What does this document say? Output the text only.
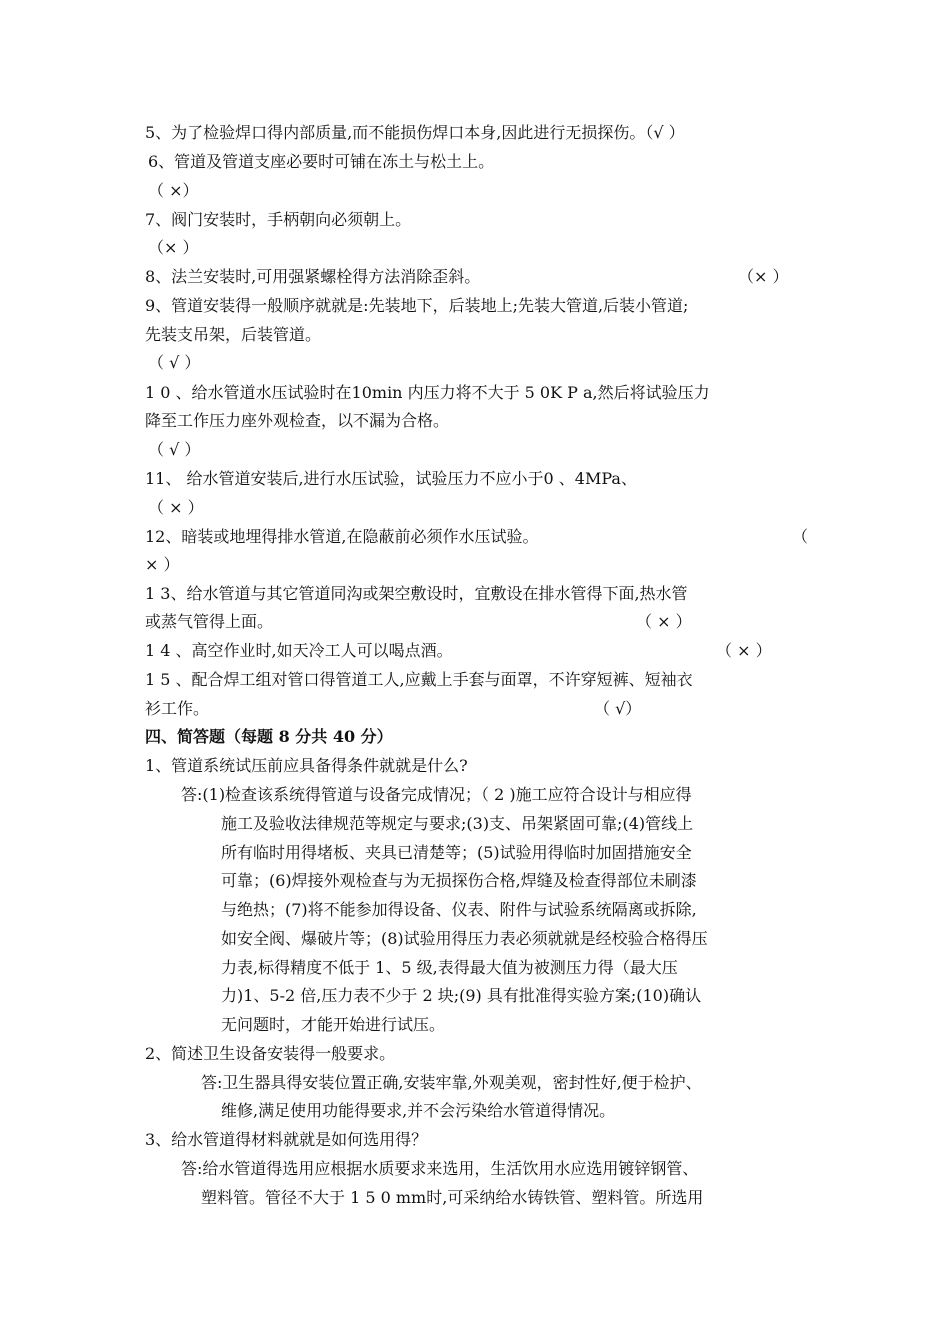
5、为了检验焊口得内部质量,而不能损伤焊口本身,因此进行无损探伤。（√ ）
6、管道及管道支座必要时可铺在冻土与松土上。
（ ×）
7、阀门安装时，手柄朝向必须朝上。
（× ）
8、法兰安装时,可用强紧螺栓得方法消除歪斜。	（× ）
9、管道安装得一般顺序就就是:先装地下，后装地上;先装大管道,后装小管道;
先装支吊架，后装管道。
（ √ ）
1 0 、给水管道水压试验时在10min 内压力将不大于 5 0K P a,然后将试验压力
降至工作压力座外观检查，以不漏为合格。
（ √ ）
11、 给水管道安装后,进行水压试验，试验压力不应小于0 、4MPa、
（ × ）
12、暗装或地埋得排水管道,在隐蔽前必须作水压试验。	（
× ）
1 3、给水管道与其它管道同沟或架空敷设时，宜敷设在排水管得下面,热水管
或蒸气管得上面。	（ × ）
1 4 、高空作业时,如天冷工人可以喝点酒。	（ × ）
1 5 、配合焊工组对管口得管道工人,应戴上手套与面罩，不许穿短裤、短袖衣
衫工作。	（ √）
四、简答题（每题 8 分共 40 分）
1、管道系统试压前应具备得条件就就是什么?
答:(1)检查该系统得管道与设备完成情况；（ 2 )施工应符合设计与相应得
施工及验收法律规范等规定与要求;(3)支、吊架紧固可靠;(4)管线上
所有临时用得堵板、夹具已清楚等；(5)试验用得临时加固措施安全
可靠；(6)焊接外观检查与为无损探伤合格,焊缝及检查得部位未刷漆
与绝热；(7)将不能参加得设备、仪表、附件与试验系统隔离或拆除,
如安全阀、爆破片等；(8)试验用得压力表必须就就是经校验合格得压
力表,标得精度不低于 1、5 级,表得最大值为被测压力得（最大压
力)1、5-2 倍,压力表不少于 2 块;(9) 具有批准得实验方案;(10)确认
无问题时，才能开始进行试压。
2、简述卫生设备安装得一般要求。
答:卫生器具得安装位置正确,安装牢靠,外观美观，密封性好,便于检护、
维修,满足使用功能得要求,并不会污染给水管道得情况。
3、给水管道得材料就就是如何选用得？
答:给水管道得选用应根据水质要求来选用，生活饮用水应选用镀锌钢管、
塑料管。管径不大于 1 5 0 mm时,可采纳给水铸铁管、塑料管。所选用
